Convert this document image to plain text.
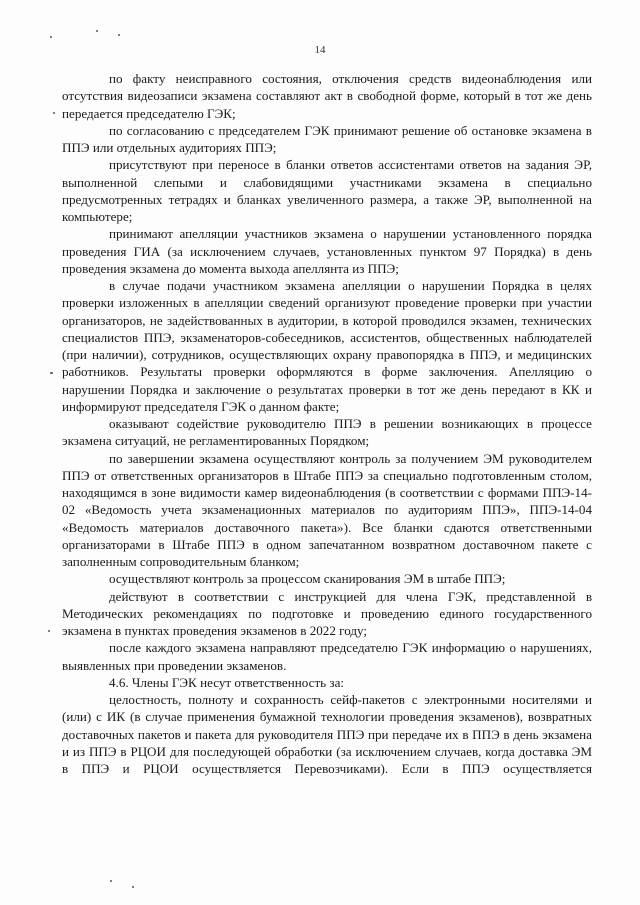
14

по факту неисправного состояния, отключения средств видеонаблюдения или отсутствия видеозаписи экзамена составляют акт в свободной форме, который в тот же день передается председателю ГЭК;

по согласованию с председателем ГЭК принимают решение об остановке экзамена в ППЭ или отдельных аудиториях ППЭ;

присутствуют при переносе в бланки ответов ассистентами ответов на задания ЭР, выполненной слепыми и слабовидящими участниками экзамена в специально предусмотренных тетрадях и бланках увеличенного размера, а также ЭР, выполненной на компьютере;

принимают апелляции участников экзамена о нарушении установленного порядка проведения ГИА (за исключением случаев, установленных пунктом 97 Порядка) в день проведения экзамена до момента выхода апеллянта из ППЭ;

в случае подачи участником экзамена апелляции о нарушении Порядка в целях проверки изложенных в апелляции сведений организуют проведение проверки при участии организаторов, не задействованных в аудитории, в которой проводился экзамен, технических специалистов ППЭ, экзаменаторов-собеседников, ассистентов, общественных наблюдателей (при наличии), сотрудников, осуществляющих охрану правопорядка в ППЭ, и медицинских работников. Результаты проверки оформляются в форме заключения. Апелляцию о нарушении Порядка и заключение о результатах проверки в тот же день передают в КК и информируют председателя ГЭК о данном факте;

оказывают содействие руководителю ППЭ в решении возникающих в процессе экзамена ситуаций, не регламентированных Порядком;

по завершении экзамена осуществляют контроль за получением ЭМ руководителем ППЭ от ответственных организаторов в Штабе ППЭ за специально подготовленным столом, находящимся в зоне видимости камер видеонаблюдения (в соответствии с формами ППЭ-14-02 «Ведомость учета экзаменационных материалов по аудиториям ППЭ», ППЭ-14-04 «Ведомость материалов доставочного пакета»). Все бланки сдаются ответственными организаторами в Штабе ППЭ в одном запечатанном возвратном доставочном пакете с заполненным сопроводительным бланком;

осуществляют контроль за процессом сканирования ЭМ в штабе ППЭ;

действуют в соответствии с инструкцией для члена ГЭК, представленной в Методических рекомендациях по подготовке и проведению единого государственного экзамена в пунктах проведения экзаменов в 2022 году;

после каждого экзамена направляют председателю ГЭК информацию о нарушениях, выявленных при проведении экзаменов.

4.6. Члены ГЭК несут ответственность за:

целостность, полноту и сохранность сейф-пакетов с электронными носителями и (или) с ИК (в случае применения бумажной технологии проведения экзаменов), возвратных доставочных пакетов и пакета для руководителя ППЭ при передаче их в ППЭ в день экзамена и из ППЭ в РЦОИ для последующей обработки (за исключением случаев, когда доставка ЭМ в ППЭ и РЦОИ осуществляется Перевозчиками). Если в ППЭ осуществляется
